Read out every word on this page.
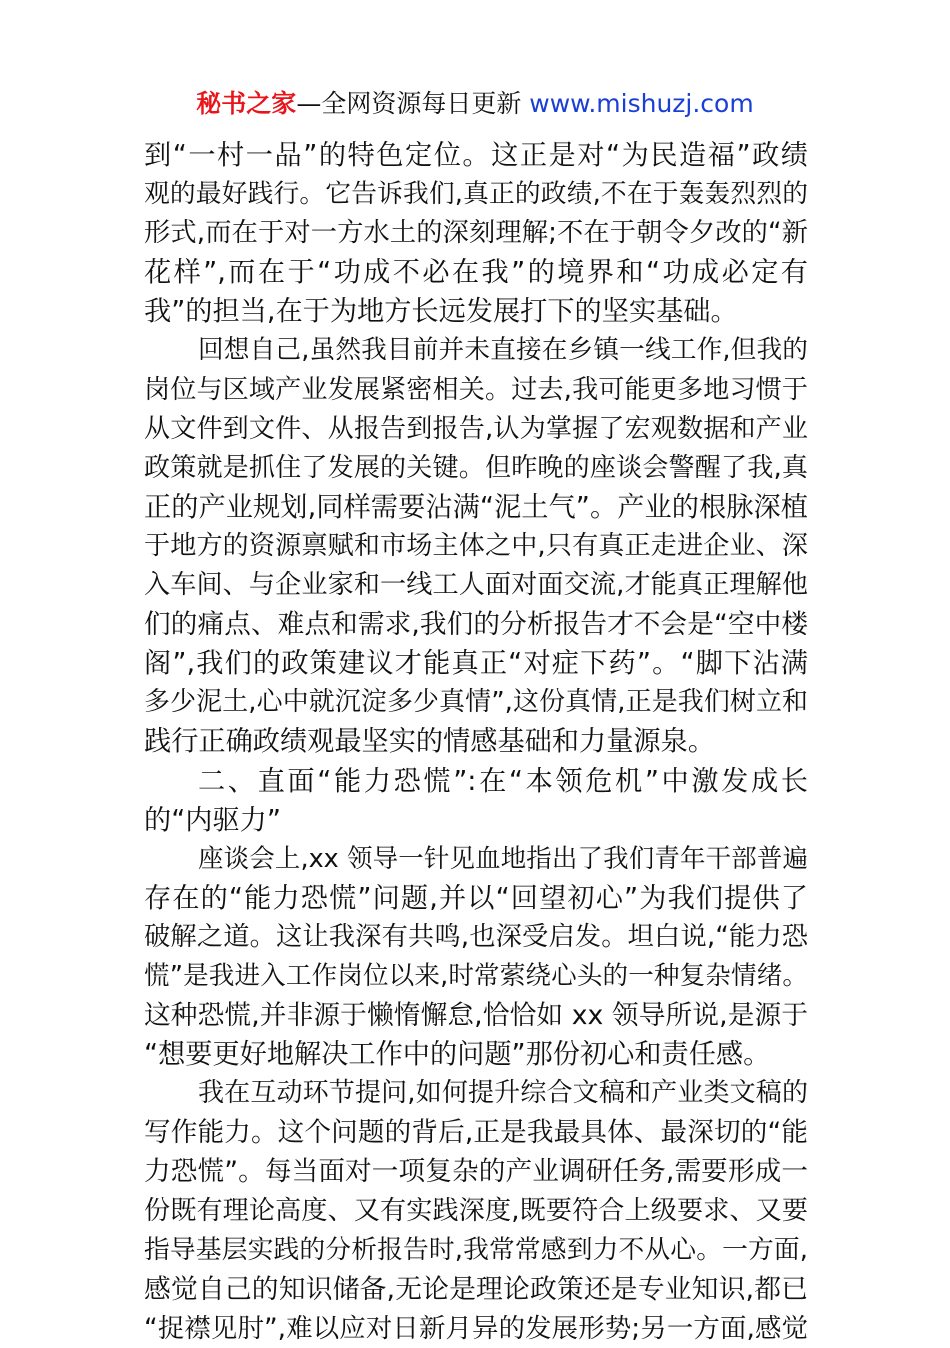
秘书之家—全网资源每日更新 www.mishuzj.com
到“一村一品”的特色定位。这正是对“为民造福”政绩
观的最好践行。它告诉我们,真正的政绩,不在于轰轰烈烈的
形式,而在于对一方水土的深刻理解;不在于朝令夕改的“新
花样”,而在于“功成不必在我”的境界和“功成必定有
我”的担当,在于为地方长远发展打下的坚实基础。
回想自己,虽然我目前并未直接在乡镇一线工作,但我的
岗位与区域产业发展紧密相关。过去,我可能更多地习惯于
从文件到文件、从报告到报告,认为掌握了宏观数据和产业
政策就是抓住了发展的关键。但昨晚的座谈会警醒了我,真
正的产业规划,同样需要沾满“泥土气”。产业的根脉深植
于地方的资源禀赋和市场主体之中,只有真正走进企业、深
入车间、与企业家和一线工人面对面交流,才能真正理解他
们的痛点、难点和需求,我们的分析报告才不会是“空中楼
阁”,我们的政策建议才能真正“对症下药”。“脚下沾满
多少泥土,心中就沉淀多少真情”,这份真情,正是我们树立和
践行正确政绩观最坚实的情感基础和力量源泉。
二、直面“能力恐慌”:在“本领危机”中激发成长
的“内驱力”
座谈会上,xx 领导一针见血地指出了我们青年干部普遍
存在的“能力恐慌”问题,并以“回望初心”为我们提供了
破解之道。这让我深有共鸣,也深受启发。坦白说,“能力恐
慌”是我进入工作岗位以来,时常萦绕心头的一种复杂情绪。
这种恐慌,并非源于懒惰懈怠,恰恰如 xx 领导所说,是源于
“想要更好地解决工作中的问题”那份初心和责任感。
我在互动环节提问,如何提升综合文稿和产业类文稿的
写作能力。这个问题的背后,正是我最具体、最深切的“能
力恐慌”。每当面对一项复杂的产业调研任务,需要形成一
份既有理论高度、又有实践深度,既要符合上级要求、又要
指导基层实践的分析报告时,我常常感到力不从心。一方面,
感觉自己的知识储备,无论是理论政策还是专业知识,都已
“捉襟见肘”,难以应对日新月异的发展形势;另一方面,感觉
